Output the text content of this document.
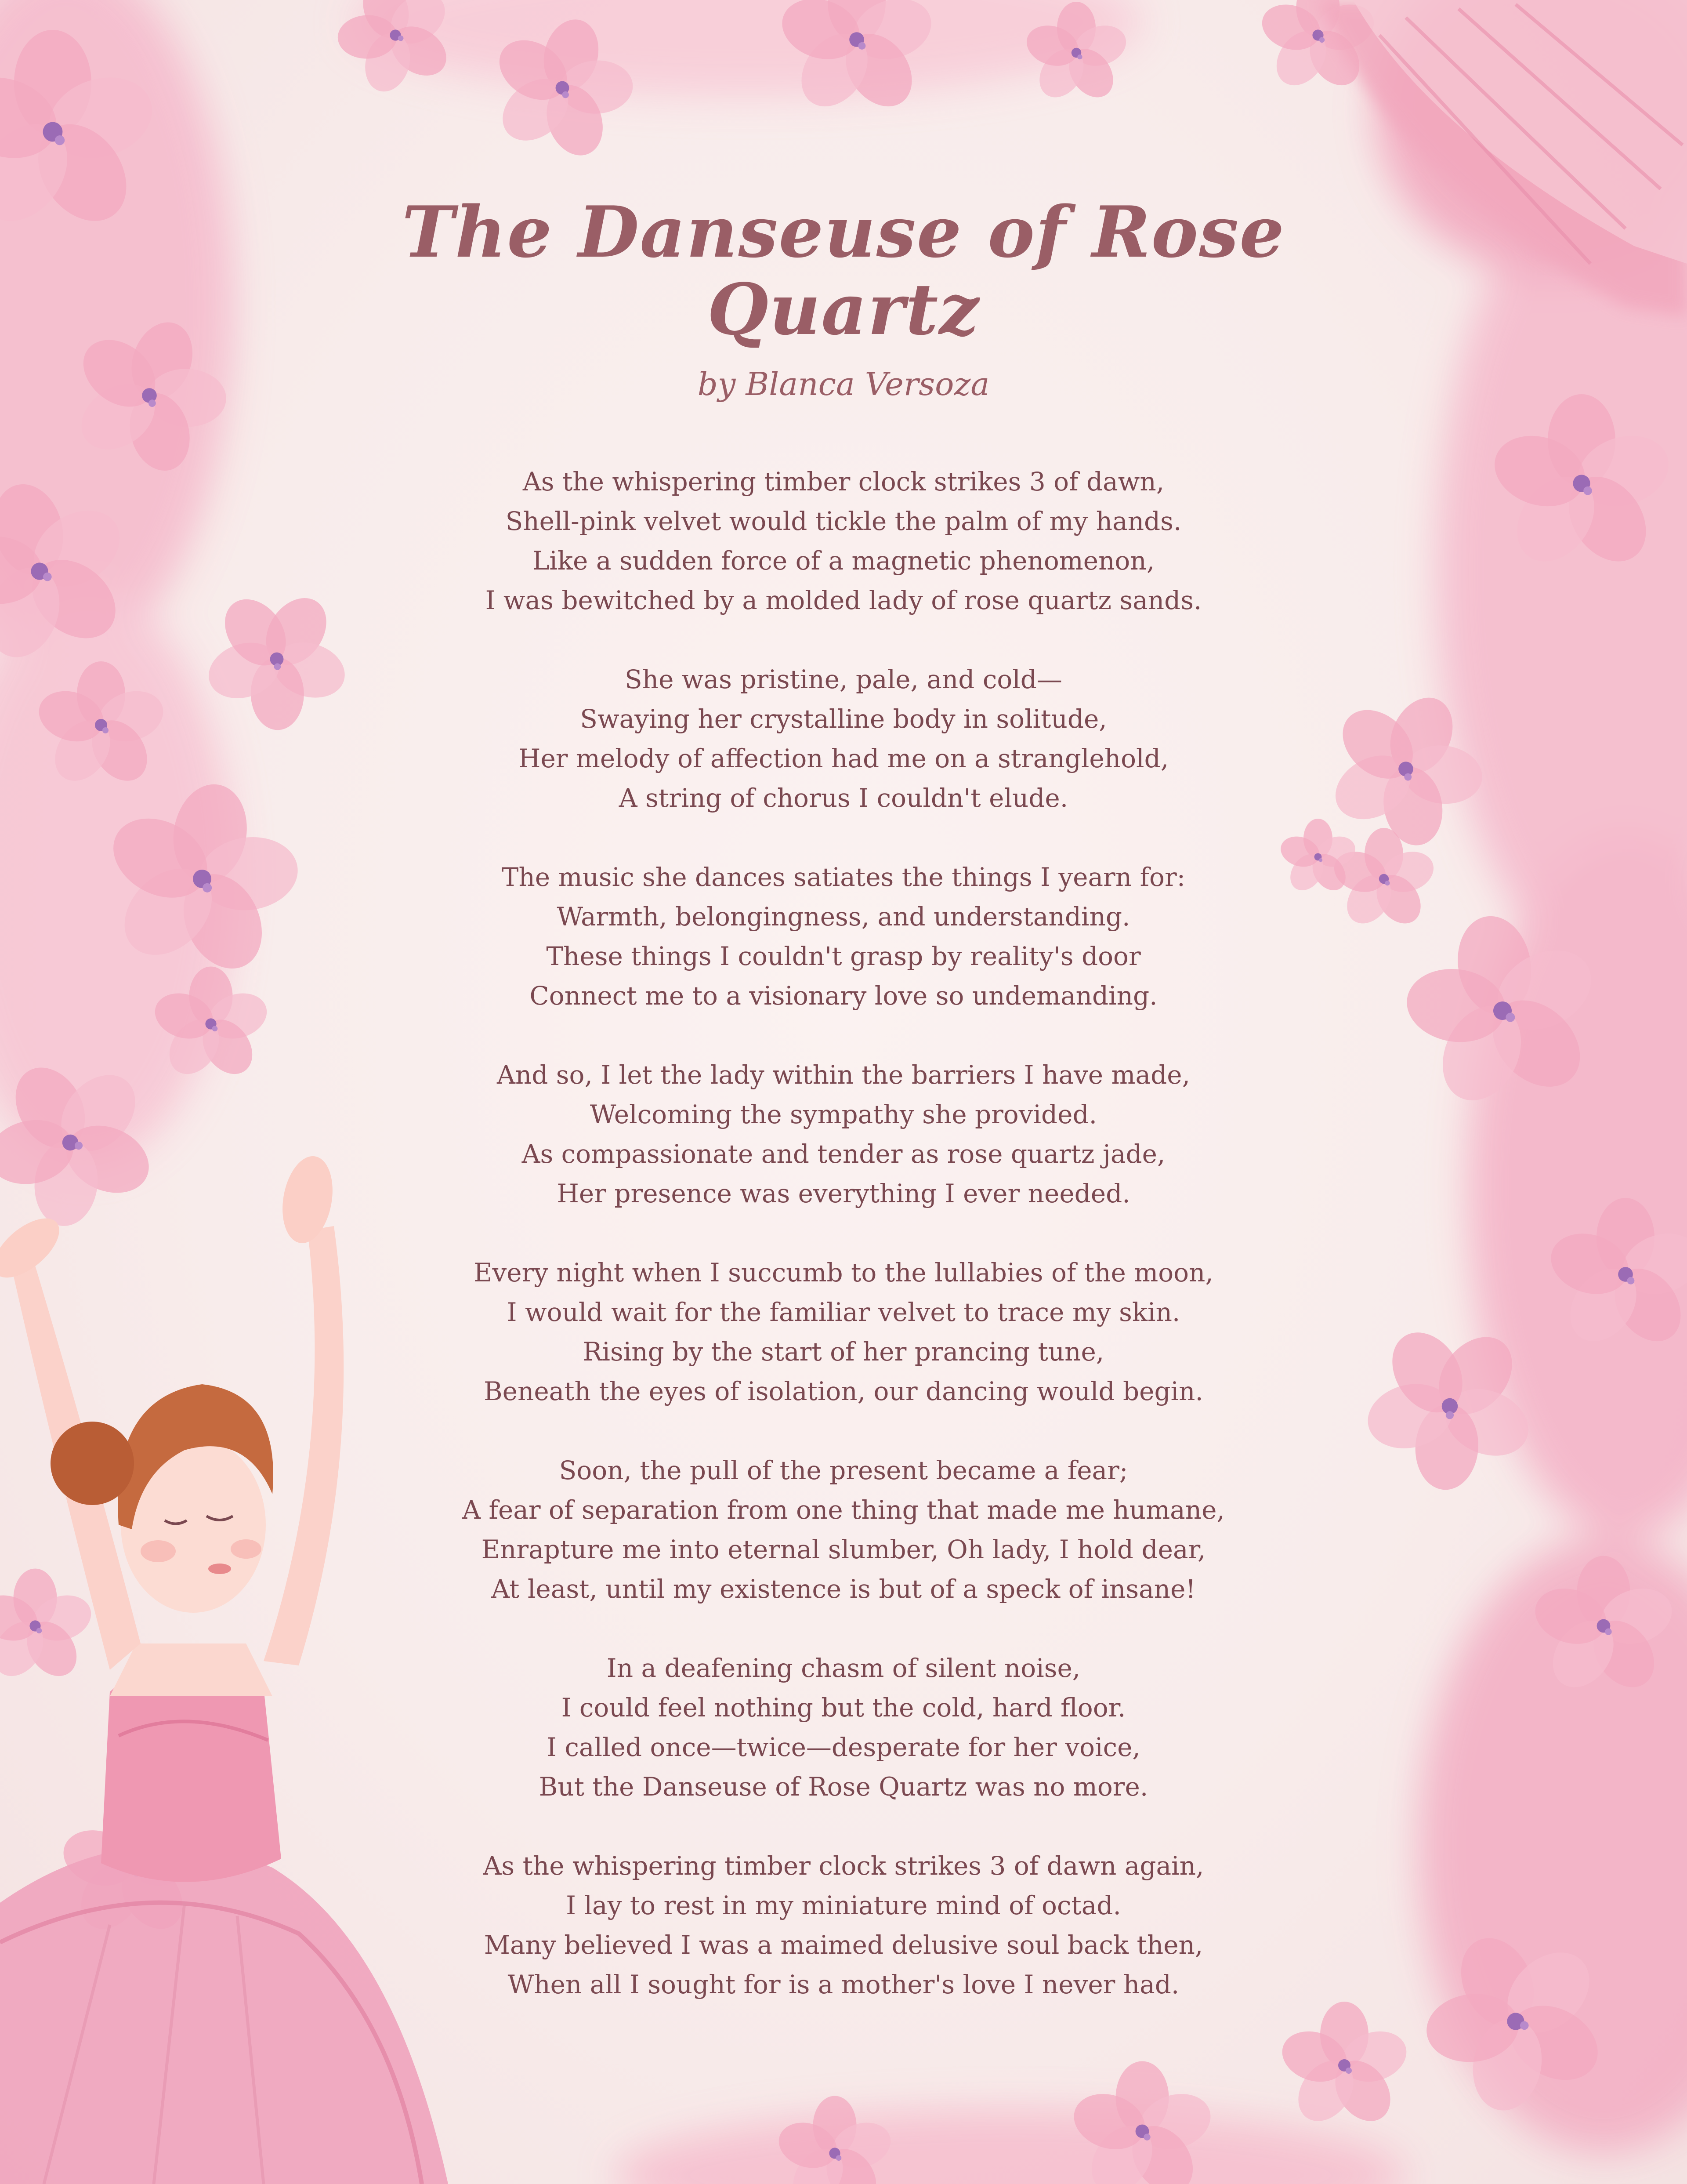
The Danseuse of Rose Quartz
by Blanca Versoza
As the whispering timber clock strikes 3 of dawn,
Shell-pink velvet would tickle the palm of my hands.
Like a sudden force of a magnetic phenomenon,
I was bewitched by a molded lady of rose quartz sands.
She was pristine, pale, and cold—
Swaying her crystalline body in solitude,
Her melody of affection had me on a stranglehold,
A string of chorus I couldn't elude.
The music she dances satiates the things I yearn for:
Warmth, belongingness, and understanding.
These things I couldn't grasp by reality's door
Connect me to a visionary love so undemanding.
And so, I let the lady within the barriers I have made,
Welcoming the sympathy she provided.
As compassionate and tender as rose quartz jade,
Her presence was everything I ever needed.
Every night when I succumb to the lullabies of the moon,
I would wait for the familiar velvet to trace my skin.
Rising by the start of her prancing tune,
Beneath the eyes of isolation, our dancing would begin.
Soon, the pull of the present became a fear;
A fear of separation from one thing that made me humane,
Enrapture me into eternal slumber, Oh lady, I hold dear,
At least, until my existence is but of a speck of insane!
In a deafening chasm of silent noise,
I could feel nothing but the cold, hard floor.
I called once—twice—desperate for her voice,
But the Danseuse of Rose Quartz was no more.
As the whispering timber clock strikes 3 of dawn again,
I lay to rest in my miniature mind of octad.
Many believed I was a maimed delusive soul back then,
When all I sought for is a mother's love I never had.
